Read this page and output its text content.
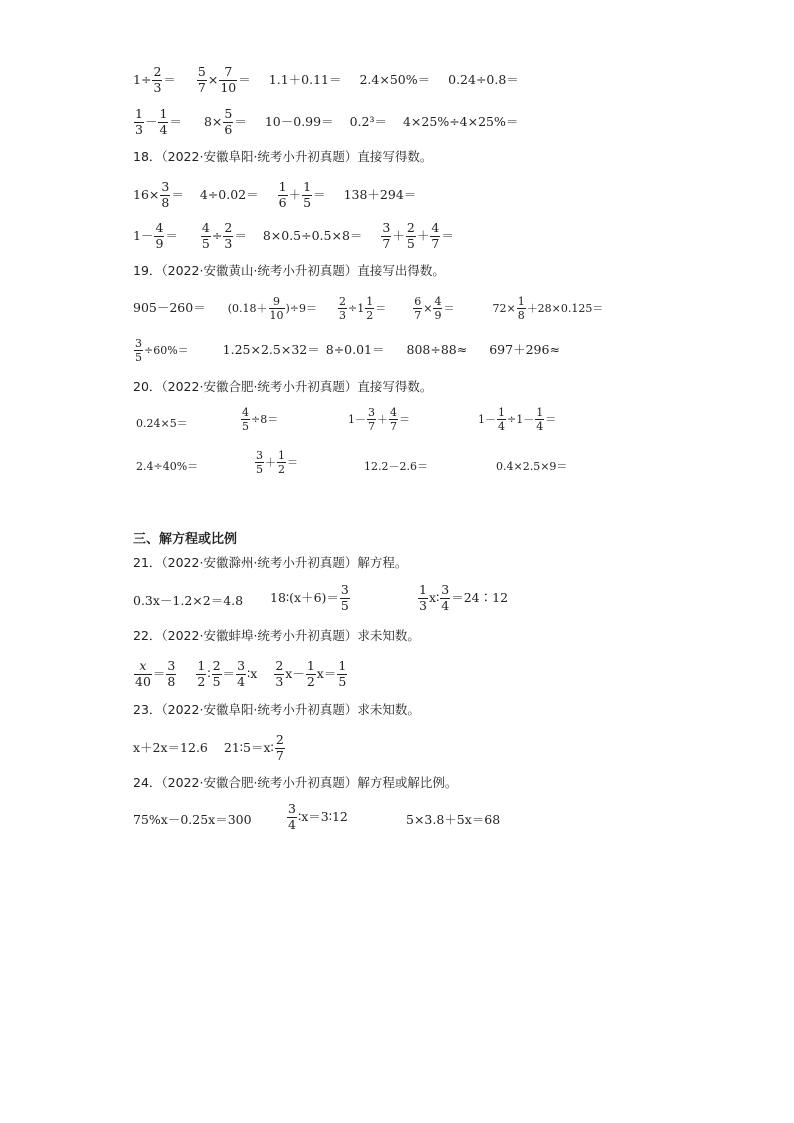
$1\div \frac{2}{3} = \frac{5}{7} \times \frac{7}{10} = 1.1+0.11= 2.4\times 50\%= 0.24\div 0.8=$
$\frac{1}{3} - \frac{1}{4} = 8\times \frac{5}{6} = 10-0.99= 0.2^3= 4\times 25\%\div 4\times 25\%=$
18．（2022·安徽阜阳·统考小升初真题）直接写得数。
$16\times \frac{3}{8} = 4\div 0.02= \frac{1}{6} + \frac{1}{5} = 138+294=$
$1- \frac{4}{9} = \frac{4}{5} \div \frac{2}{3} = 8\times 0.5\div 0.5\times 8= \frac{3}{7} + \frac{2}{5} + \frac{4}{7}$ ＝
19．（2022·安徽黄山·统考小升初真题）直接写出得数。
$905-260= (0.18+ \frac{9}{10} )\div 9= \frac{2}{3} \div 1 \frac{1}{2} = \frac{6}{7} \times \frac{4}{9}$ ＝	$72\times \frac{1}{8} +28\times 0.125=$
$\frac{3}{5} \div 60\%=$	1.25×2.5×32＝ 8÷0.01＝ 808÷88≈ 697＋296≈
20．（2022·安徽合肥·统考小升初真题）直接写得数。
0.24×5＝	$\frac{4}{5} \div 8=$	$1- \frac{3}{7} + \frac{4}{7}$ ＝	$1- \frac{1}{4} \div 1- \frac{1}{4}$ ＝
2.4÷40%＝	$\frac{3}{5} + \frac{1}{2}$ ＝	12.2－2.6＝	0.4×2.5×9＝
三、解方程或比例
21．（2022·安徽滁州·统考小升初真题）解方程。
0.3x－1.2×2＝4.8 18∶(x＋6)＝ $\frac{3}{5}$	$\frac{1}{3}$ x∶ $\frac{3}{4}$ ＝24∶12
22．（2022·安徽蚌埠·统考小升初真题）求未知数。
$\frac{x}{40} = \frac{3}{8} \frac{1}{2}$ ∶ $\frac{2}{5} = \frac{3}{4}$ ∶x $\frac{2}{3} x- \frac{1}{2} x= \frac{1}{5}$
23．（2022·安徽阜阳·统考小升初真题）求未知数。
x＋2x＝12.6 21∶5＝x∶ $\frac{2}{7}$
24．（2022·安徽合肥·统考小升初真题）解方程或解比例。
75%x－0.25x＝300	$\frac{3}{4}$ ∶x＝3∶12	5×3.8＋5x＝68
